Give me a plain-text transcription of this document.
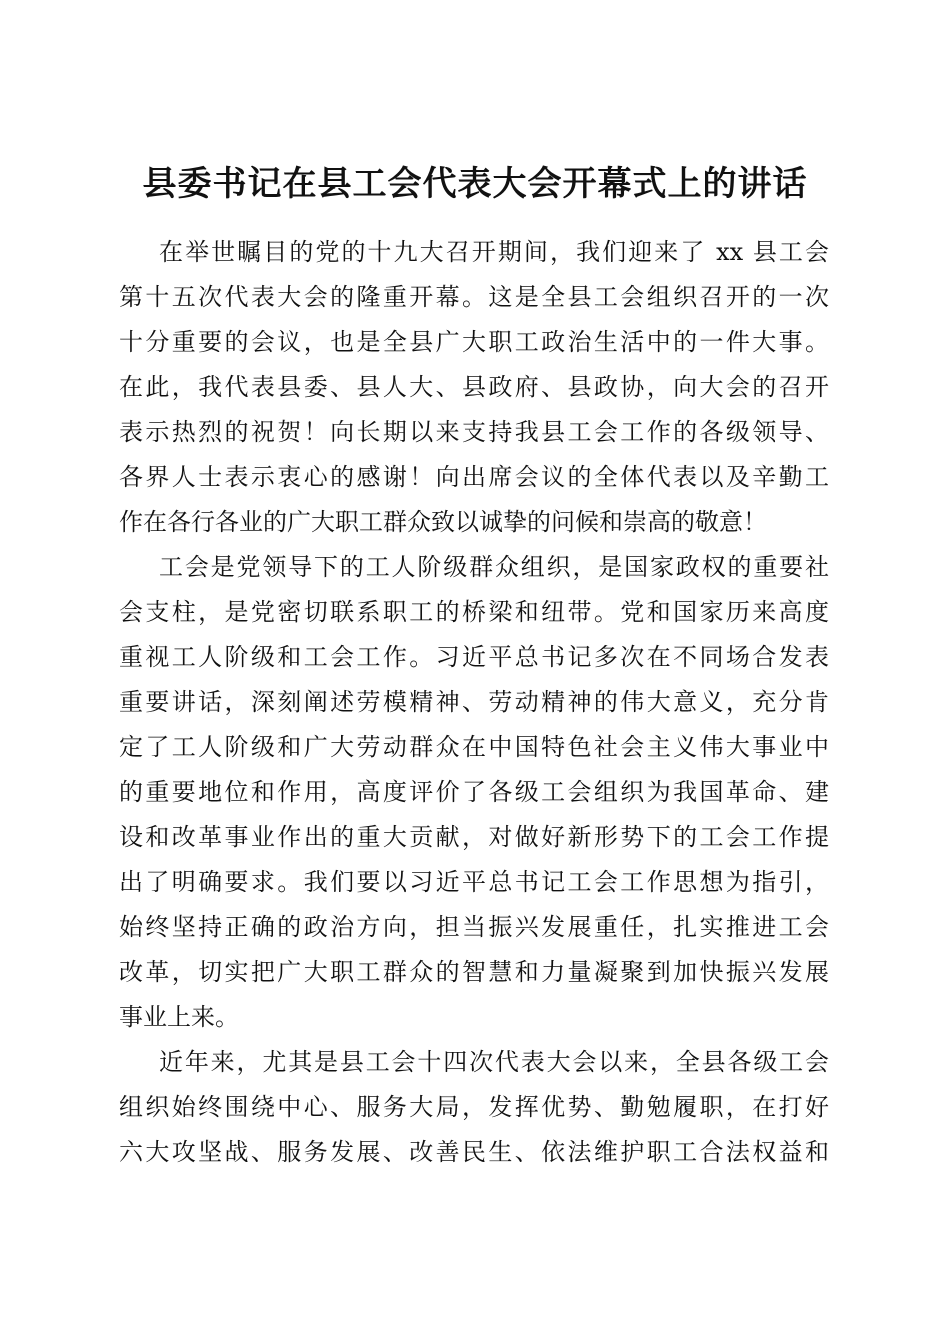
县委书记在县工会代表大会开幕式上的讲话
在举世瞩目的党的十九大召开期间，我们迎来了 xx 县工会
第十五次代表大会的隆重开幕。这是全县工会组织召开的一次
十分重要的会议，也是全县广大职工政治生活中的一件大事。
在此，我代表县委、县人大、县政府、县政协，向大会的召开
表示热烈的祝贺！向长期以来支持我县工会工作的各级领导、
各界人士表示衷心的感谢！向出席会议的全体代表以及辛勤工
作在各行各业的广大职工群众致以诚挚的问候和崇高的敬意！
工会是党领导下的工人阶级群众组织，是国家政权的重要社
会支柱，是党密切联系职工的桥梁和纽带。党和国家历来高度
重视工人阶级和工会工作。习近平总书记多次在不同场合发表
重要讲话，深刻阐述劳模精神、劳动精神的伟大意义，充分肯
定了工人阶级和广大劳动群众在中国特色社会主义伟大事业中
的重要地位和作用，高度评价了各级工会组织为我国革命、建
设和改革事业作出的重大贡献，对做好新形势下的工会工作提
出了明确要求。我们要以习近平总书记工会工作思想为指引，
始终坚持正确的政治方向，担当振兴发展重任，扎实推进工会
改革，切实把广大职工群众的智慧和力量凝聚到加快振兴发展
事业上来。
近年来，尤其是县工会十四次代表大会以来，全县各级工会
组织始终围绕中心、服务大局，发挥优势、勤勉履职，在打好
六大攻坚战、服务发展、改善民生、依法维护职工合法权益和
